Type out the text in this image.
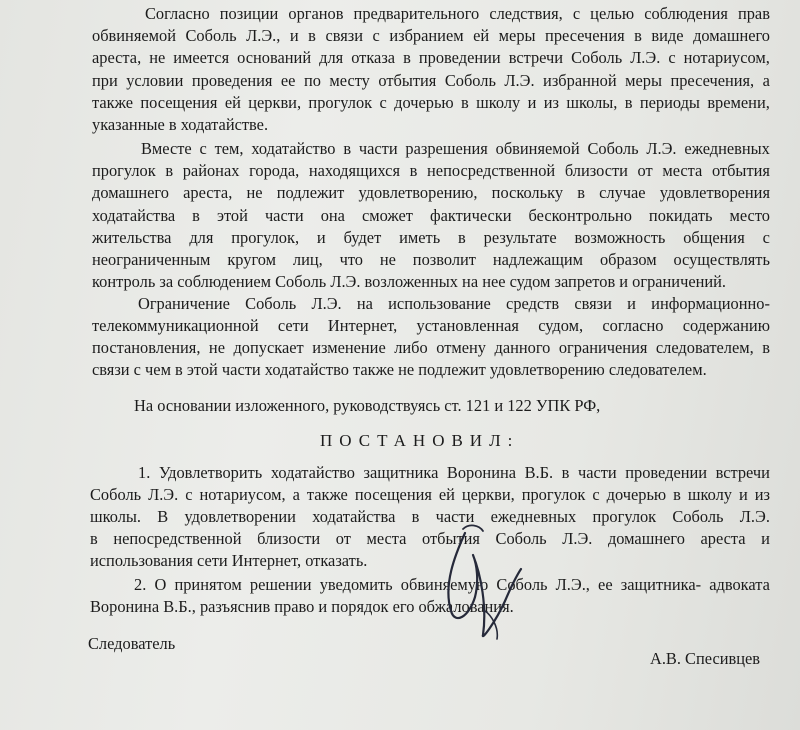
Согласно позиции органов предварительного следствия, с целью соблюдения прав
обвиняемой Соболь Л.Э., и в связи с избранием ей меры пресечения в виде домашнего
ареста, не имеется оснований для отказа в проведении встречи Соболь Л.Э. с нотариусом,
при условии проведения ее по месту отбытия Соболь Л.Э. избранной меры пресечения, а
также посещения ей церкви, прогулок с дочерью в школу и из школы, в периоды времени,
указанные в ходатайстве.
Вместе с тем, ходатайство в части разрешения обвиняемой Соболь Л.Э. ежедневных
прогулок в районах города, находящихся в непосредственной близости от места отбытия
домашнего ареста, не подлежит удовлетворению, поскольку в случае удовлетворения
ходатайства в этой части она сможет фактически бесконтрольно покидать место
жительства для прогулок, и будет иметь в результате возможность общения с
неограниченным кругом лиц, что не позволит надлежащим образом осуществлять
контроль за соблюдением Соболь Л.Э. возложенных на нее судом запретов и ограничений.
Ограничение Соболь Л.Э. на использование средств связи и информационно-
телекоммуникационной сети Интернет, установленная судом, согласно содержанию
постановления, не допускает изменение либо отмену данного ограничения следователем, в
связи с чем в этой части ходатайство также не подлежит удовлетворению следователем.
На основании изложенного, руководствуясь ст. 121 и 122 УПК РФ,
ПОСТАНОВИЛ:
1. Удовлетворить ходатайство защитника Воронина В.Б. в части проведении встречи
Соболь Л.Э. с нотариусом, а также посещения ей церкви, прогулок с дочерью в школу и из
школы. В удовлетворении ходатайства в части ежедневных прогулок Соболь Л.Э.
в непосредственной близости от места отбытия Соболь Л.Э. домашнего ареста и
использования сети Интернет, отказать.
2. О принятом решении уведомить обвиняемую Соболь Л.Э., ее защитника- адвоката
Воронина В.Б., разъяснив право и порядок его обжалования.
Следователь
А.В. Спесивцев
